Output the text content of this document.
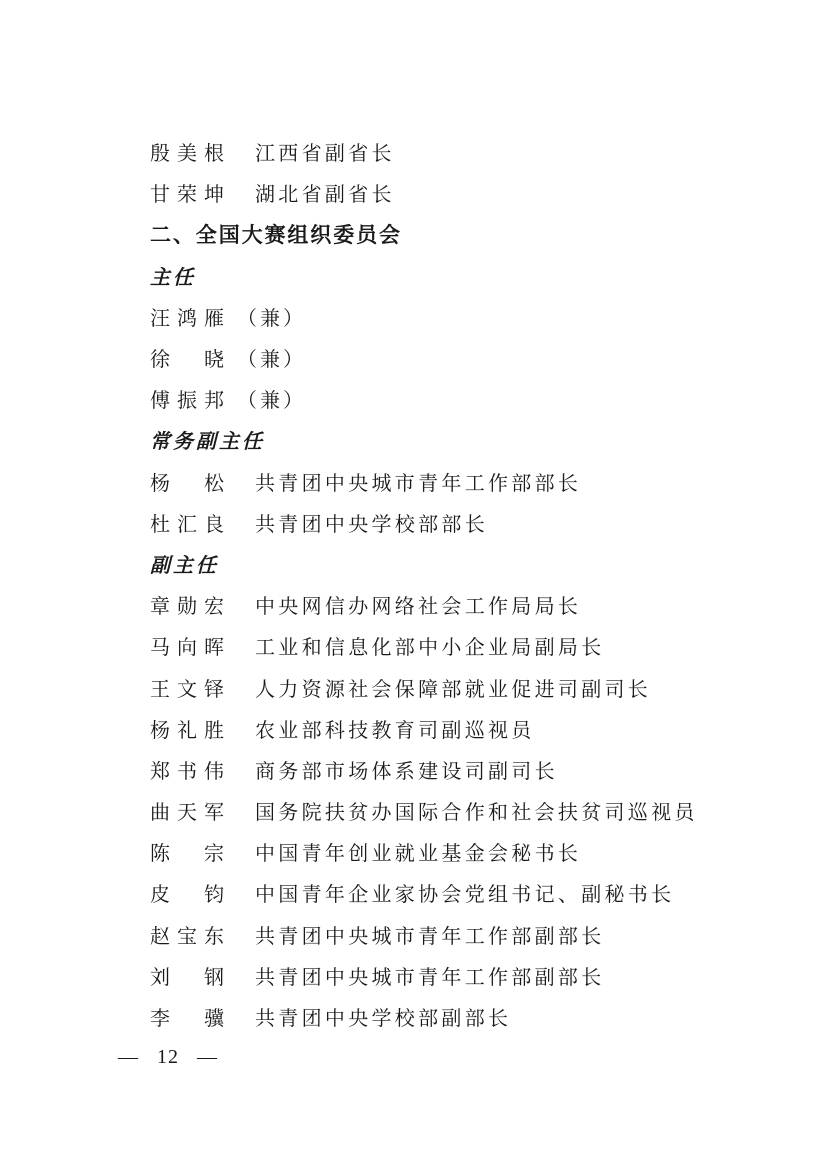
殷美根 江西省副省长
甘荣坤 湖北省副省长
二、全国大赛组织委员会
主任
汪鸿雁 （兼）
徐晓 （兼）
傅振邦 （兼）
常务副主任
杨松 共青团中央城市青年工作部部长
杜汇良 共青团中央学校部部长
副主任
章勋宏 中央网信办网络社会工作局局长
马向晖 工业和信息化部中小企业局副局长
王文铎 人力资源社会保障部就业促进司副司长
杨礼胜 农业部科技教育司副巡视员
郑书伟 商务部市场体系建设司副司长
曲天军 国务院扶贫办国际合作和社会扶贫司巡视员
陈宗 中国青年创业就业基金会秘书长
皮钧 中国青年企业家协会党组书记、副秘书长
赵宝东 共青团中央城市青年工作部副部长
刘钢 共青团中央城市青年工作部副部长
李骥 共青团中央学校部副部长
— 12 —
